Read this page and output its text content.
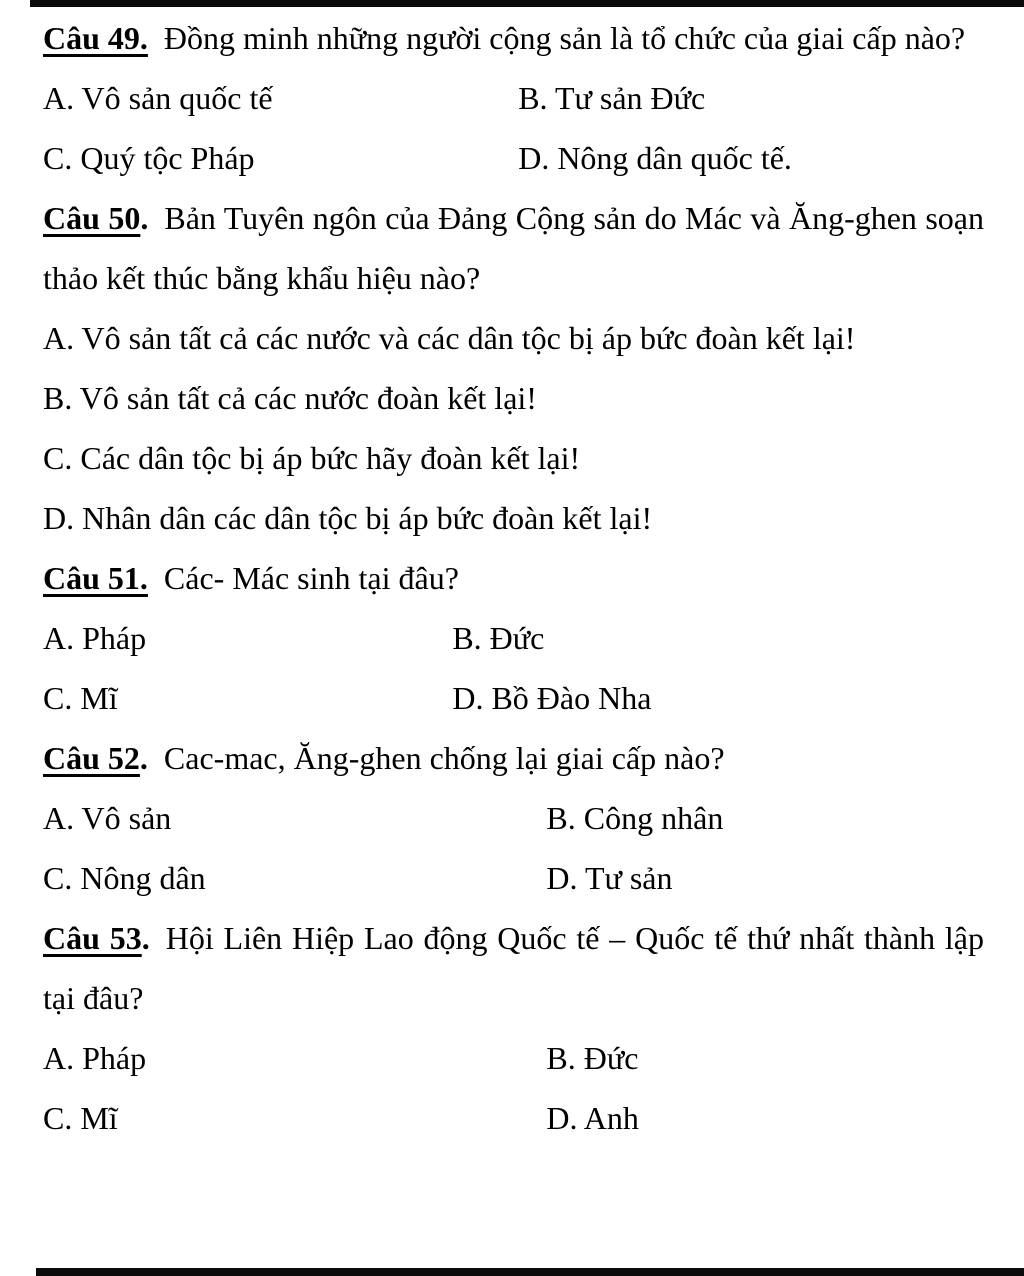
Câu 49. Đồng minh những người cộng sản là tổ chức của giai cấp nào?

A. Vô sản quốc tế	B. Tư sản Đức
C. Quý tộc Pháp	D. Nông dân quốc tế.

Câu 50. Bản Tuyên ngôn của Đảng Cộng sản do Mác và Ăng-ghen soạn thảo kết thúc bằng khẩu hiệu nào?

A. Vô sản tất cả các nước và các dân tộc bị áp bức đoàn kết lại!
B. Vô sản tất cả các nước đoàn kết lại!
C. Các dân tộc bị áp bức hãy đoàn kết lại!
D. Nhân dân các dân tộc bị áp bức đoàn kết lại!

Câu 51. Các- Mác sinh tại đâu?

A. Pháp	B. Đức
C. Mĩ	D. Bồ Đào Nha

Câu 52. Cac-mac, Ăng-ghen chống lại giai cấp nào?

A. Vô sản	B. Công nhân
C. Nông dân	D. Tư sản

Câu 53. Hội Liên Hiệp Lao động Quốc tế – Quốc tế thứ nhất thành lập tại đâu?

A. Pháp	B. Đức
C. Mĩ	D. Anh
